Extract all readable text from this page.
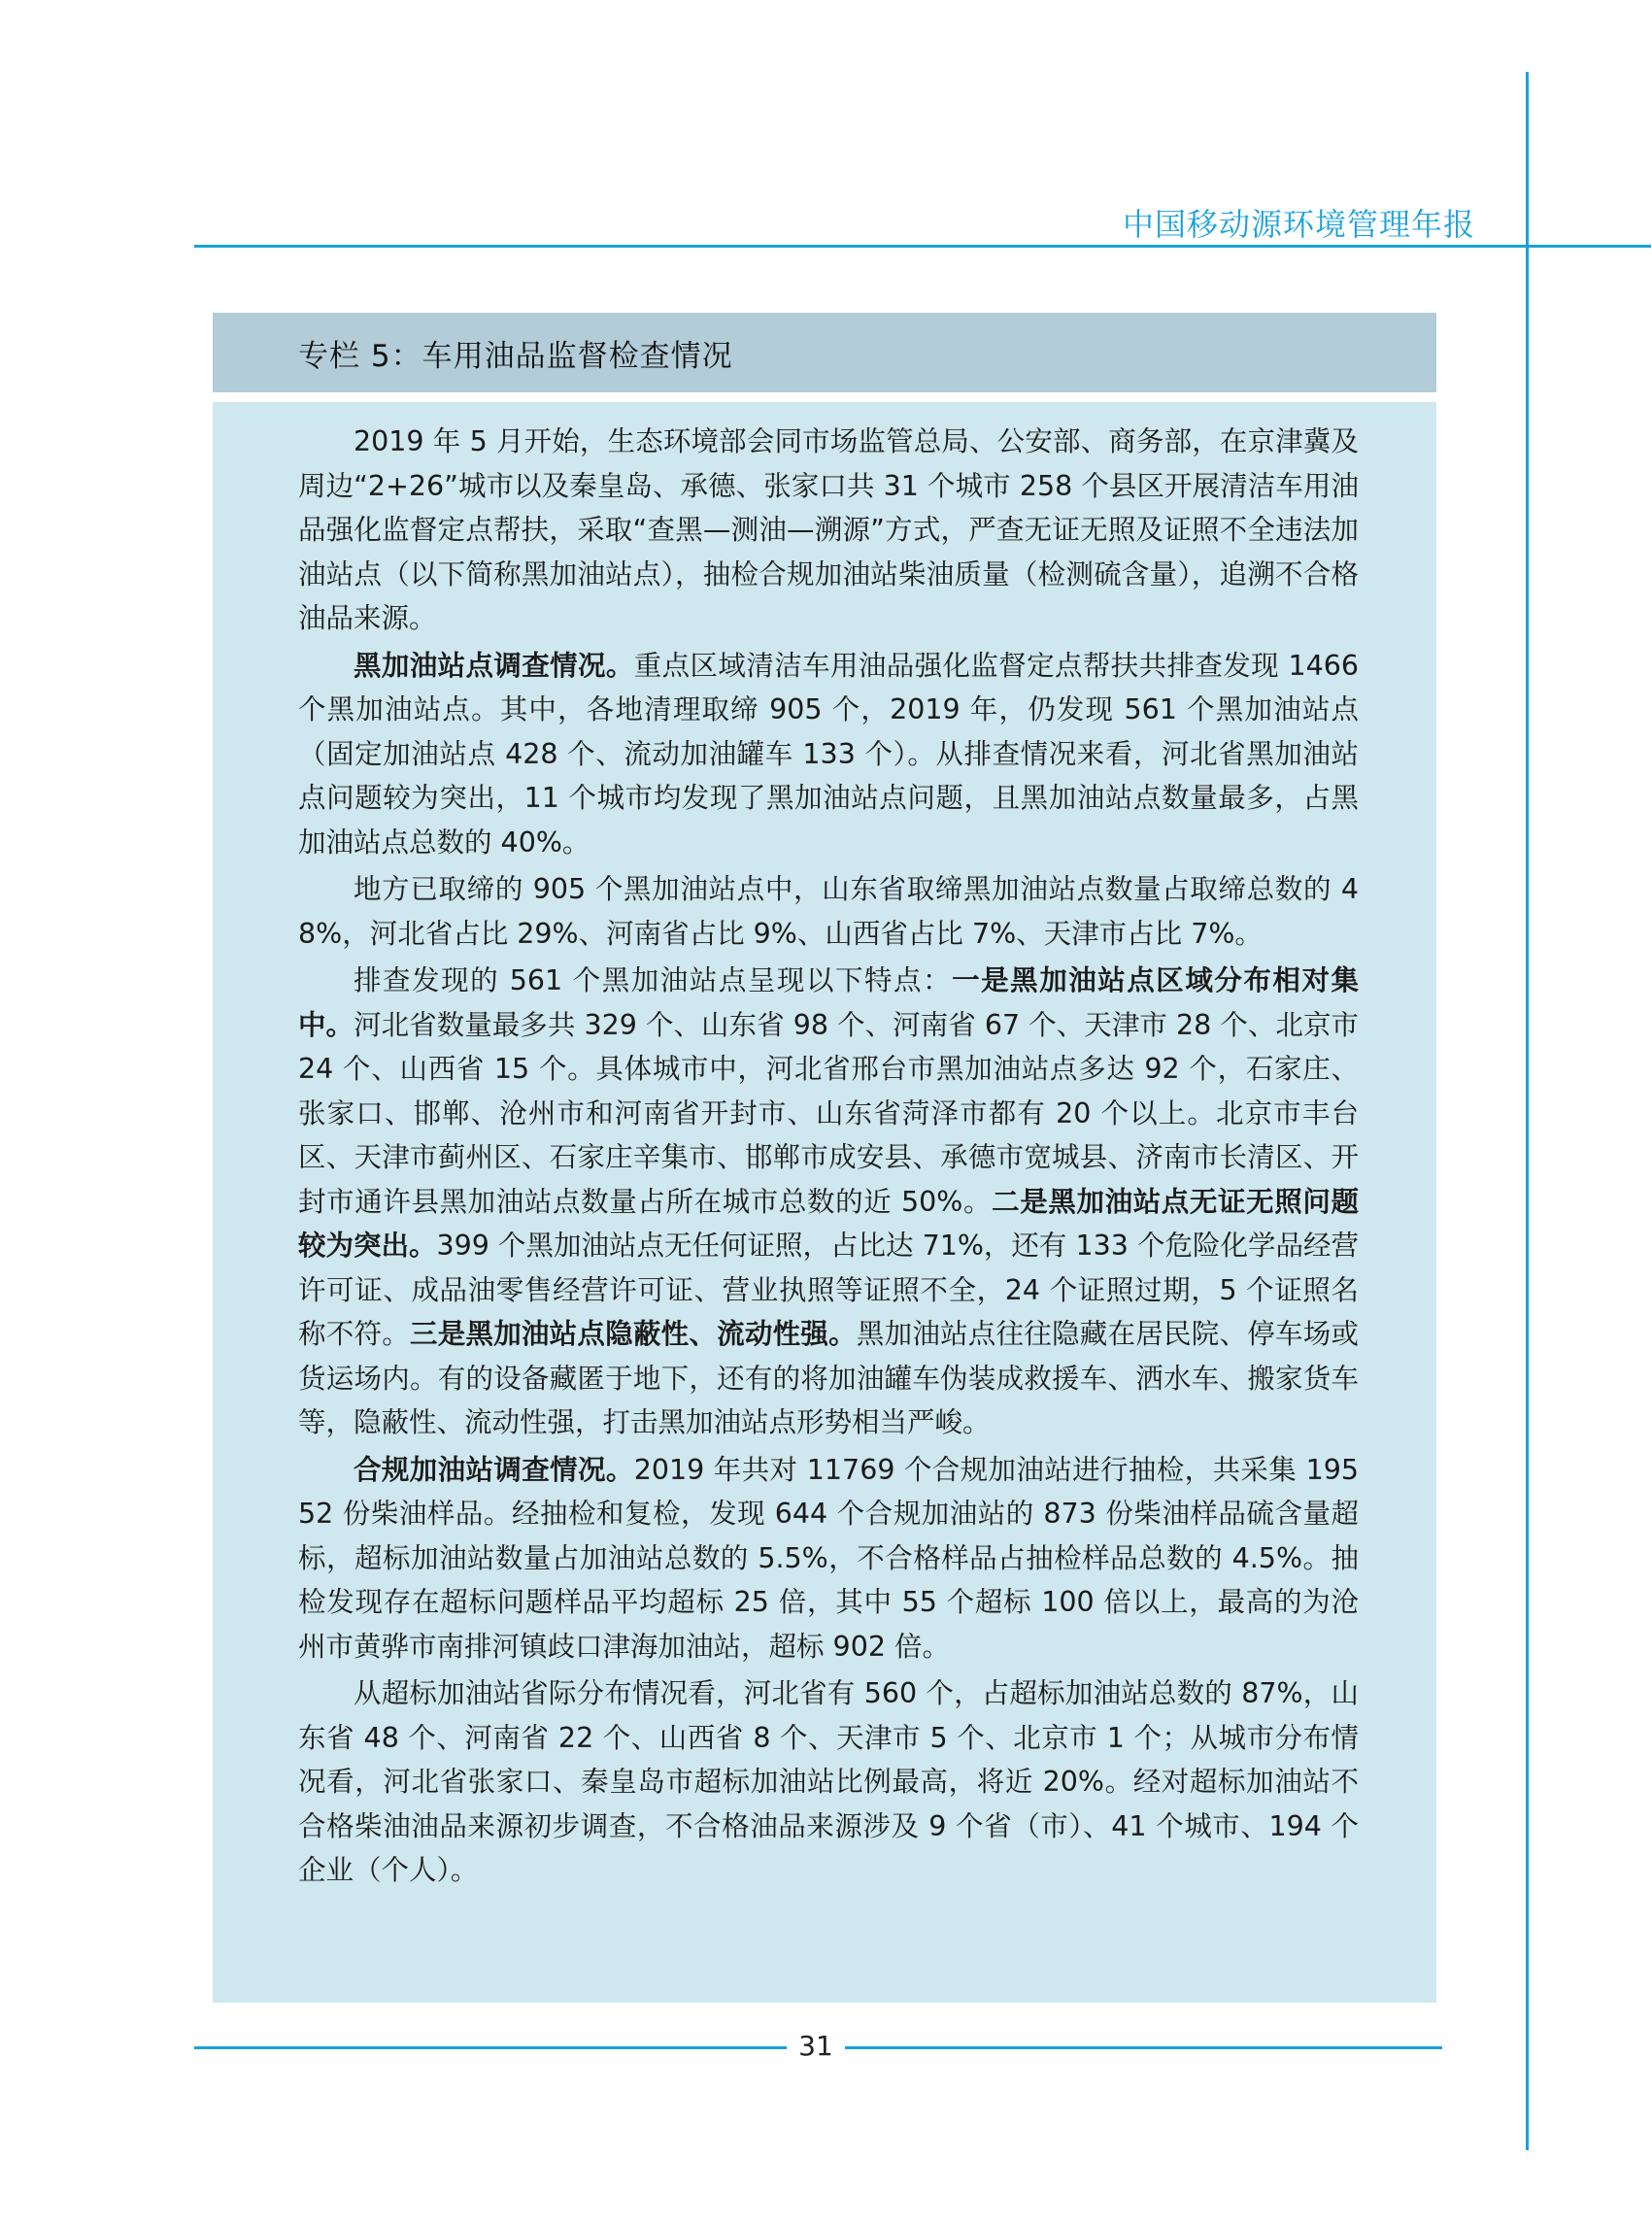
中国移动源环境管理年报
专栏 5：车用油品监督检查情况

2019 年 5 月开始，生态环境部会同市场监管总局、公安部、商务部，在京津冀及周边“2+26”城市以及秦皇岛、承德、张家口共 31 个城市 258 个县区开展清洁车用油品强化监督定点帮扶，采取“查黑—测油—溯源”方式，严查无证无照及证照不全违法加油站点（以下简称黑加油站点），抽检合规加油站柴油质量（检测硫含量），追溯不合格油品来源。

黑加油站点调查情况。重点区域清洁车用油品强化监督定点帮扶共排查发现 1466 个黑加油站点。其中，各地清理取缔 905 个，2019 年，仍发现 561 个黑加油站点（固定加油站点 428 个、流动加油罐车 133 个）。从排查情况来看，河北省黑加油站点问题较为突出，11 个城市均发现了黑加油站点问题，且黑加油站点数量最多，占黑加油站点总数的 40%。

地方已取缔的 905 个黑加油站点中，山东省取缔黑加油站点数量占取缔总数的 48%，河北省占比 29%、河南省占比 9%、山西省占比 7%、天津市占比 7%。

排查发现的 561 个黑加油站点呈现以下特点：一是黑加油站点区域分布相对集中。河北省数量最多共 329 个、山东省 98 个、河南省 67 个、天津市 28 个、北京市 24 个、山西省 15 个。具体城市中，河北省邢台市黑加油站点多达 92 个，石家庄、张家口、邯郸、沧州市和河南省开封市、山东省菏泽市都有 20 个以上。北京市丰台区、天津市蓟州区、石家庄辛集市、邯郸市成安县、承德市宽城县、济南市长清区、开封市通许县黑加油站点数量占所在城市总数的近 50%。二是黑加油站点无证无照问题较为突出。399 个黑加油站点无任何证照，占比达 71%，还有 133 个危险化学品经营许可证、成品油零售经营许可证、营业执照等证照不全，24 个证照过期，5 个证照名称不符。三是黑加油站点隐蔽性、流动性强。黑加油站点往往隐藏在居民院、停车场或货运场内。有的设备藏匿于地下，还有的将加油罐车伪装成救援车、洒水车、搬家货车等，隐蔽性、流动性强，打击黑加油站点形势相当严峻。

合规加油站调查情况。2019 年共对 11769 个合规加油站进行抽检，共采集 19552 份柴油样品。经抽检和复检，发现 644 个合规加油站的 873 份柴油样品硫含量超标，超标加油站数量占加油站总数的 5.5%，不合格样品占抽检样品总数的 4.5%。抽检发现存在超标问题样品平均超标 25 倍，其中 55 个超标 100 倍以上，最高的为沧州市黄骅市南排河镇歧口津海加油站，超标 902 倍。

从超标加油站省际分布情况看，河北省有 560 个，占超标加油站总数的 87%，山东省 48 个、河南省 22 个、山西省 8 个、天津市 5 个、北京市 1 个；从城市分布情况看，河北省张家口、秦皇岛市超标加油站比例最高，将近 20%。经对超标加油站不合格柴油油品来源初步调查，不合格油品来源涉及 9 个省（市）、41 个城市、194 个企业（个人）。

31
